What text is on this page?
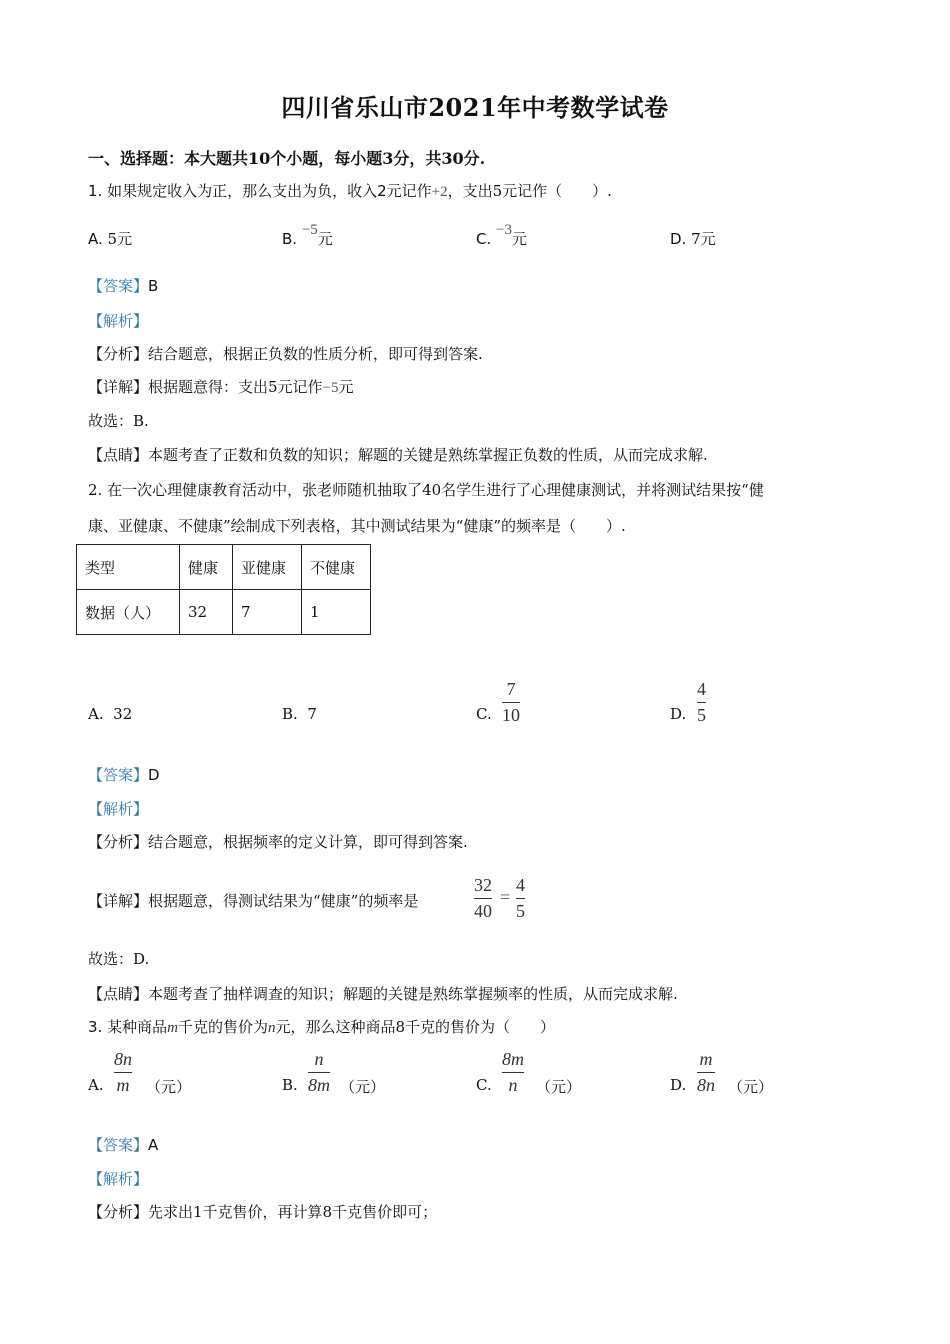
四川省乐山市2021年中考数学试卷
一、选择题：本大题共10个小题，每小题3分，共30分.
1. 如果规定收入为正，那么支出为负，收入2元记作+2，支出5元记作（　　）.
A. 5元	B. −5元	C. −3元	D. 7元
【答案】B
【解析】
【分析】结合题意，根据正负数的性质分析，即可得到答案.
【详解】根据题意得：支出5元记作−5元
故选：B.
【点睛】本题考查了正数和负数的知识；解题的关键是熟练掌握正负数的性质，从而完成求解.
2. 在一次心理健康教育活动中，张老师随机抽取了40名学生进行了心理健康测试，并将测试结果按“健
康、亚健康、不健康”绘制成下列表格，其中测试结果为“健康”的频率是（　　）.
类型	健康	亚健康	不健康
数据（人）	32	7	1
A. 32	B. 7	C.
7
10	D.
4
5
【答案】D
【解析】
【分析】结合题意，根据频率的定义计算，即可得到答案.
【详解】根据题意，得测试结果为“健康”的频率是
32
40
=
4
5
故选：D.
【点睛】本题考查了抽样调查的知识；解题的关键是熟练掌握频率的性质，从而完成求解.
3. 某种商品m千克的售价为n元，那么这种商品8千克的售价为（　　）
A.
8n
m （元）	B.
n
8m （元）	C.
8m
n （元）	D.
m
8n （元）
【答案】A
【解析】
【分析】先求出1千克售价，再计算8千克售价即可；
